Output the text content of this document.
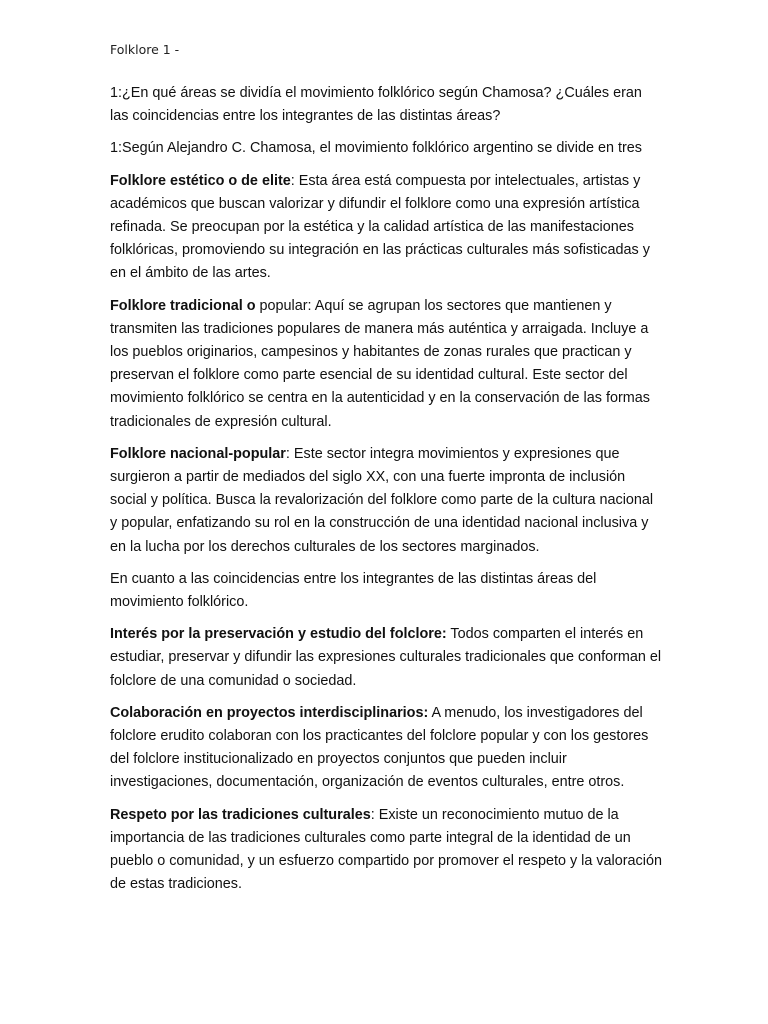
Folklore 1 -

1:¿En qué áreas se dividía el movimiento folklórico según Chamosa? ¿Cuáles eran las coincidencias entre los integrantes de las distintas áreas?

1:Según Alejandro C. Chamosa, el movimiento folklórico argentino se divide en tres

Folklore estético o de elite: Esta área está compuesta por intelectuales, artistas y académicos que buscan valorizar y difundir el folklore como una expresión artística refinada. Se preocupan por la estética y la calidad artística de las manifestaciones folklóricas, promoviendo su integración en las prácticas culturales más sofisticadas y en el ámbito de las artes.

Folklore tradicional o popular: Aquí se agrupan los sectores que mantienen y transmiten las tradiciones populares de manera más auténtica y arraigada. Incluye a los pueblos originarios, campesinos y habitantes de zonas rurales que practican y preservan el folklore como parte esencial de su identidad cultural. Este sector del movimiento folklórico se centra en la autenticidad y en la conservación de las formas tradicionales de expresión cultural.

Folklore nacional-popular: Este sector integra movimientos y expresiones que surgieron a partir de mediados del siglo XX, con una fuerte impronta de inclusión social y política. Busca la revalorización del folklore como parte de la cultura nacional y popular, enfatizando su rol en la construcción de una identidad nacional inclusiva y en la lucha por los derechos culturales de los sectores marginados.

En cuanto a las coincidencias entre los integrantes de las distintas áreas del movimiento folklórico.

Interés por la preservación y estudio del folclore: Todos comparten el interés en estudiar, preservar y difundir las expresiones culturales tradicionales que conforman el folclore de una comunidad o sociedad.

Colaboración en proyectos interdisciplinarios: A menudo, los investigadores del folclore erudito colaboran con los practicantes del folclore popular y con los gestores del folclore institucionalizado en proyectos conjuntos que pueden incluir investigaciones, documentación, organización de eventos culturales, entre otros.

Respeto por las tradiciones culturales: Existe un reconocimiento mutuo de la importancia de las tradiciones culturales como parte integral de la identidad de un pueblo o comunidad, y un esfuerzo compartido por promover el respeto y la valoración de estas tradiciones.
